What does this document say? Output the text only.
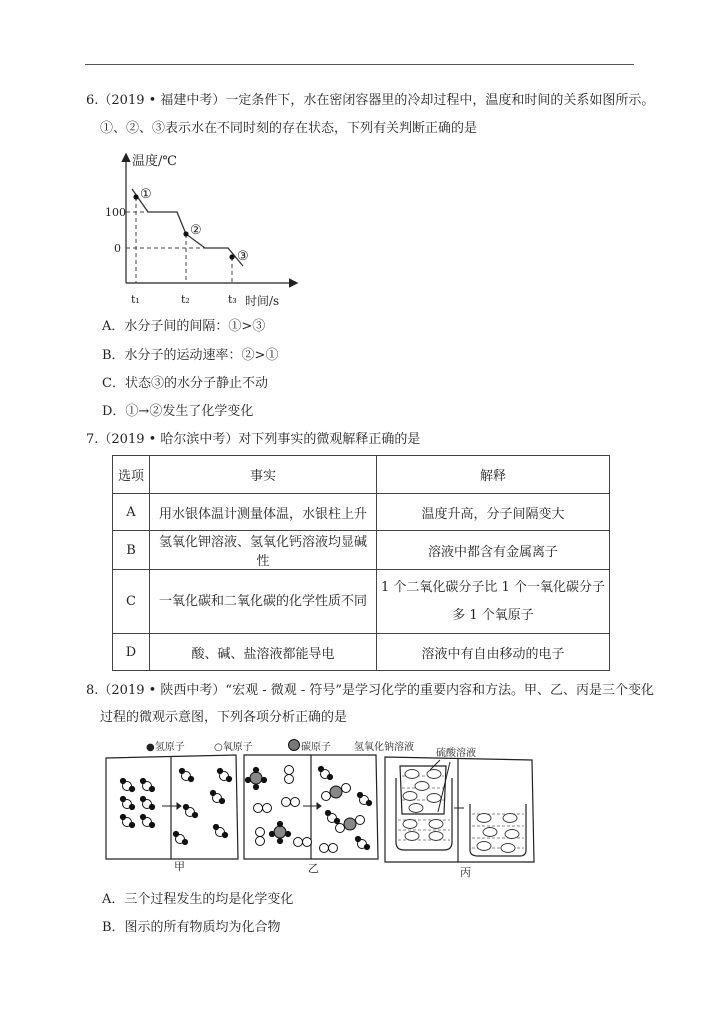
6.（2019 • 福建中考）一定条件下，水在密闭容器里的冷却过程中，温度和时间的关系如图所示。
①、②、③表示水在不同时刻的存在状态，下列有关判断正确的是
温度/℃
时间/s
100
0
t₁	t₂	t₃
①
②
③
A．水分子间的间隔：①>③
B．水分子的运动速率：②>①
C．状态③的水分子静止不动
D．①→②发生了化学变化
7.（2019 • 哈尔滨中考）对下列事实的微观解释正确的是
选项	事实	解释
A	用水银体温计测量体温，水银柱上升	温度升高，分子间隔变大
B	氢氧化钾溶液、氢氧化钙溶液均显碱性	溶液中都含有金属离子
C	一氧化碳和二氧化碳的化学性质不同	1 个二氧化碳分子比 1 个一氧化碳分子
多 1 个氧原子

D	酸、碱、盐溶液都能导电	溶液中有自由移动的电子
8.（2019 • 陕西中考）“宏观 - 微观 - 符号”是学习化学的重要内容和方法。甲、乙、丙是三个变化
过程的微观示意图，下列各项分析正确的是
●氢原子	○氧原子	碳原子 氢氧化钠溶液
硫酸溶液
甲	乙	丙
A．三个过程发生的均是化学变化
B．图示的所有物质均为化合物
